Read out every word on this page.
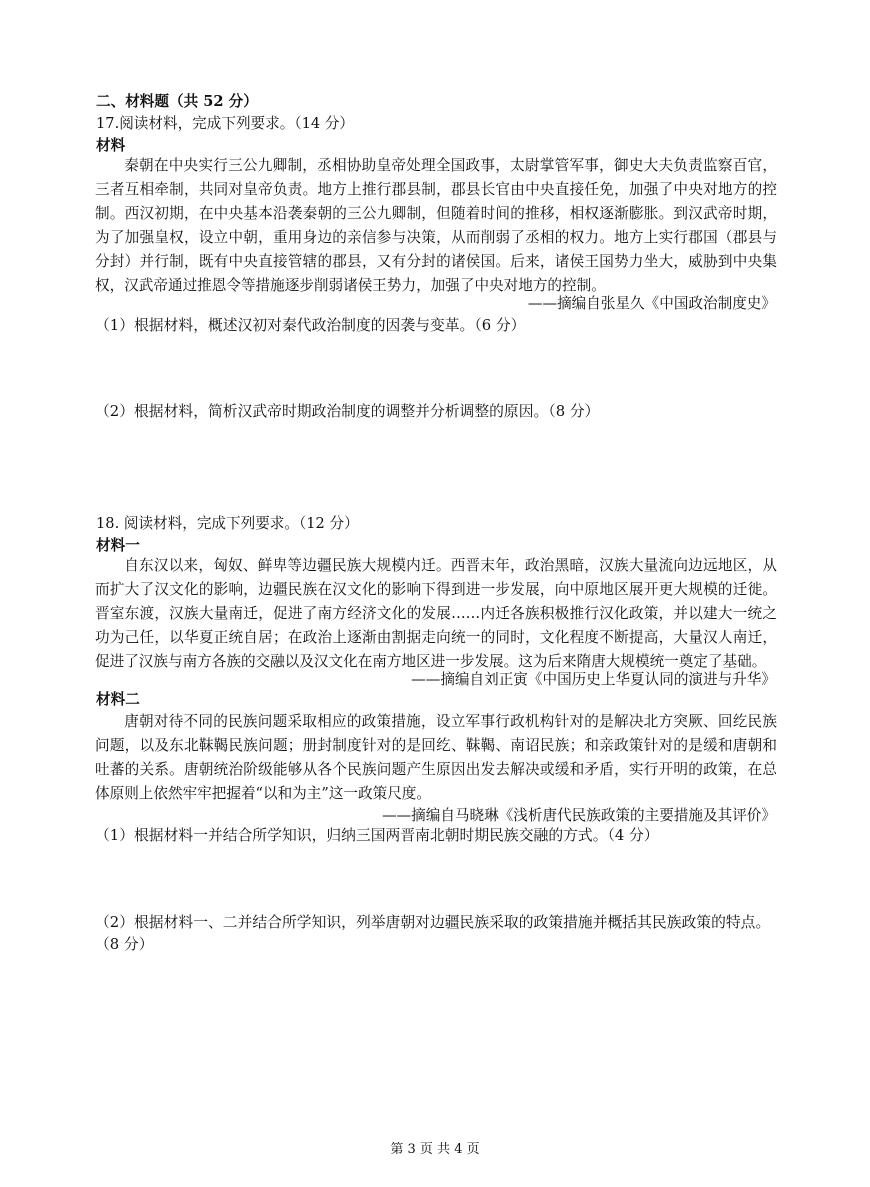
二、材料题（共 52 分）
17.阅读材料，完成下列要求。（14 分）
材料
秦朝在中央实行三公九卿制，丞相协助皇帝处理全国政事，太尉掌管军事，御史大夫负责监察百官，三者互相牵制，共同对皇帝负责。地方上推行郡县制，郡县长官由中央直接任免，加强了中央对地方的控制。西汉初期，在中央基本沿袭秦朝的三公九卿制，但随着时间的推移，相权逐渐膨胀。到汉武帝时期，为了加强皇权，设立中朝，重用身边的亲信参与决策，从而削弱了丞相的权力。地方上实行郡国（郡县与分封）并行制，既有中央直接管辖的郡县，又有分封的诸侯国。后来，诸侯王国势力坐大，威胁到中央集权，汉武帝通过推恩令等措施逐步削弱诸侯王势力，加强了中央对地方的控制。
——摘编自张星久《中国政治制度史》
（1）根据材料，概述汉初对秦代政治制度的因袭与变革。（6 分）
（2）根据材料，简析汉武帝时期政治制度的调整并分析调整的原因。（8 分）
18. 阅读材料，完成下列要求。（12 分）
材料一
自东汉以来，匈奴、鲜卑等边疆民族大规模内迁。西晋末年，政治黑暗，汉族大量流向边远地区，从而扩大了汉文化的影响，边疆民族在汉文化的影响下得到进一步发展，向中原地区展开更大规模的迁徙。晋室东渡，汉族大量南迁，促进了南方经济文化的发展……内迁各族积极推行汉化政策，并以建大一统之功为己任，以华夏正统自居；在政治上逐渐由割据走向统一的同时，文化程度不断提高，大量汉人南迁，促进了汉族与南方各族的交融以及汉文化在南方地区进一步发展。这为后来隋唐大规模统一奠定了基础。
——摘编自刘正寅《中国历史上华夏认同的演进与升华》
材料二
唐朝对待不同的民族问题采取相应的政策措施，设立军事行政机构针对的是解决北方突厥、回纥民族问题，以及东北靺鞨民族问题；册封制度针对的是回纥、靺鞨、南诏民族；和亲政策针对的是缓和唐朝和吐蕃的关系。唐朝统治阶级能够从各个民族问题产生原因出发去解决或缓和矛盾，实行开明的政策，在总体原则上依然牢牢把握着“以和为主”这一政策尺度。
——摘编自马晓琳《浅析唐代民族政策的主要措施及其评价》
（1）根据材料一并结合所学知识，归纳三国两晋南北朝时期民族交融的方式。（4 分）
（2）根据材料一、二并结合所学知识，列举唐朝对边疆民族采取的政策措施并概括其民族政策的特点。（8 分）
第 3 页 共 4 页
